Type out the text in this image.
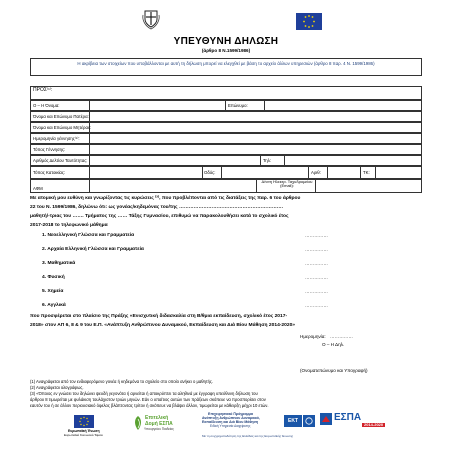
ΥΠΕΥΘΥΝΗ ΔΗΛΩΣΗ
(άρθρο 8 Ν.1599/1986)
Η ακρίβεια των στοιχείων που υποβάλλονται με αυτή τη δήλωση μπορεί να ελεγχθεί με βάση το αρχείο άλλων υπηρεσιών (άρθρο 8 παρ. 4 Ν. 1599/1986)
ΠΡΟΣ⁽¹⁾:
Ο – Η Όνομα:	Επώνυμο:
Όνομα και Επώνυμο Πατέρα:
Όνομα και Επώνυμο Μητέρας:
Ημερομηνία γέννησης⁽²⁾:
Τόπος Γέννησης:
Αριθμός Δελτίου Ταυτότητας:	Τηλ:
Τόπος Κατοικίας:	Οδός:	Αριθ:	ΤΚ:
ΑΦΜ
Δ/νση Ηλεκτρ. Ταχυδρομείου (Email):
Με ατομική μου ευθύνη και γνωρίζοντας τις κυρώσεις ⁽³⁾, που προβλέπονται από τις διατάξεις της παρ. 6 του άρθρου
22 του Ν. 1599/1986, δηλώνω ότι: ως γονέας/κηδεμόνας του/της ……………………………………………………….
μαθητή/-τριας του ……. Τμήματος της …… Τάξης Γυμνασίου, επιθυμώ να παρακολουθήσει κατά το σχολικό έτος
2017-2018 το τηλεφωνικό μάθημα
1. Νεοελληνική Γλώσσα και Γραμματεία	……………
2. Αρχαία Ελληνική Γλώσσα και Γραμματεία	……………
3. Μαθηματικά	……………
4. Φυσική	……………
5. Χημεία	……………
6. Αγγλικά	……………
που προσφέρεται στο πλαίσιο της Πράξης «Ενισχυτική διδασκαλία στη Β/θμια εκπαίδευση, σχολικό έτος 2017-
2018» στον ΑΠ 6, 8 & 9 του Ε.Π. «Ανάπτυξη Ανθρώπινου Δυναμικού, Εκπαίδευση και Διά Βίου Μάθηση 2014-2020»
Ημερομηνία: ……………
Ο – Η Δηλ.
(Ονοματεπώνυμο και Υπογραφή)
(1) Αναγράφεται από τον ενδιαφερόμενο γονέα ή κηδεμόνα το σχολείο στο οποίο ανήκει ο μαθητής.
(2) Αναγράφεται ολογράφως.
(3) «Όποιος εν γνώσει του δηλώνει ψευδή γεγονότα ή αρνείται ή αποκρύπτει τα αληθινά με έγγραφη υπεύθυνη δήλωση του
άρθρου 8 τιμωρείται με φυλάκιση τουλάχιστον τριών μηνών. Εάν ο υπαίτιος αυτών των πράξεων σκόπευε να προσπορίσει στον
εαυτόν του ή σε άλλον περιουσιακό όφελος βλάπτοντας τρίτον ή σκόπευε να βλάψει άλλον, τιμωρείται με κάθειρξη μέχρι 10 ετών.
Ευρωπαϊκή Ένωση
Ευρωπαϊκό Κοινωνικό Ταμείο
Επιτελική
Δομή ΕΣΠΑ
Υπουργείου Παιδείας
Επιχειρησιακό Πρόγραμμα
Ανάπτυξη Ανθρώπινου Δυναμικού,
Εκπαίδευση και Διά Βίου Μάθηση
Ειδική Υπηρεσία Διαχείρισης
ΕΚΤ	ΕΣΠΑ
2014-2020
Με τη συγχρηματοδότηση της Ελλάδας και της Ευρωπαϊκής Ένωσης
